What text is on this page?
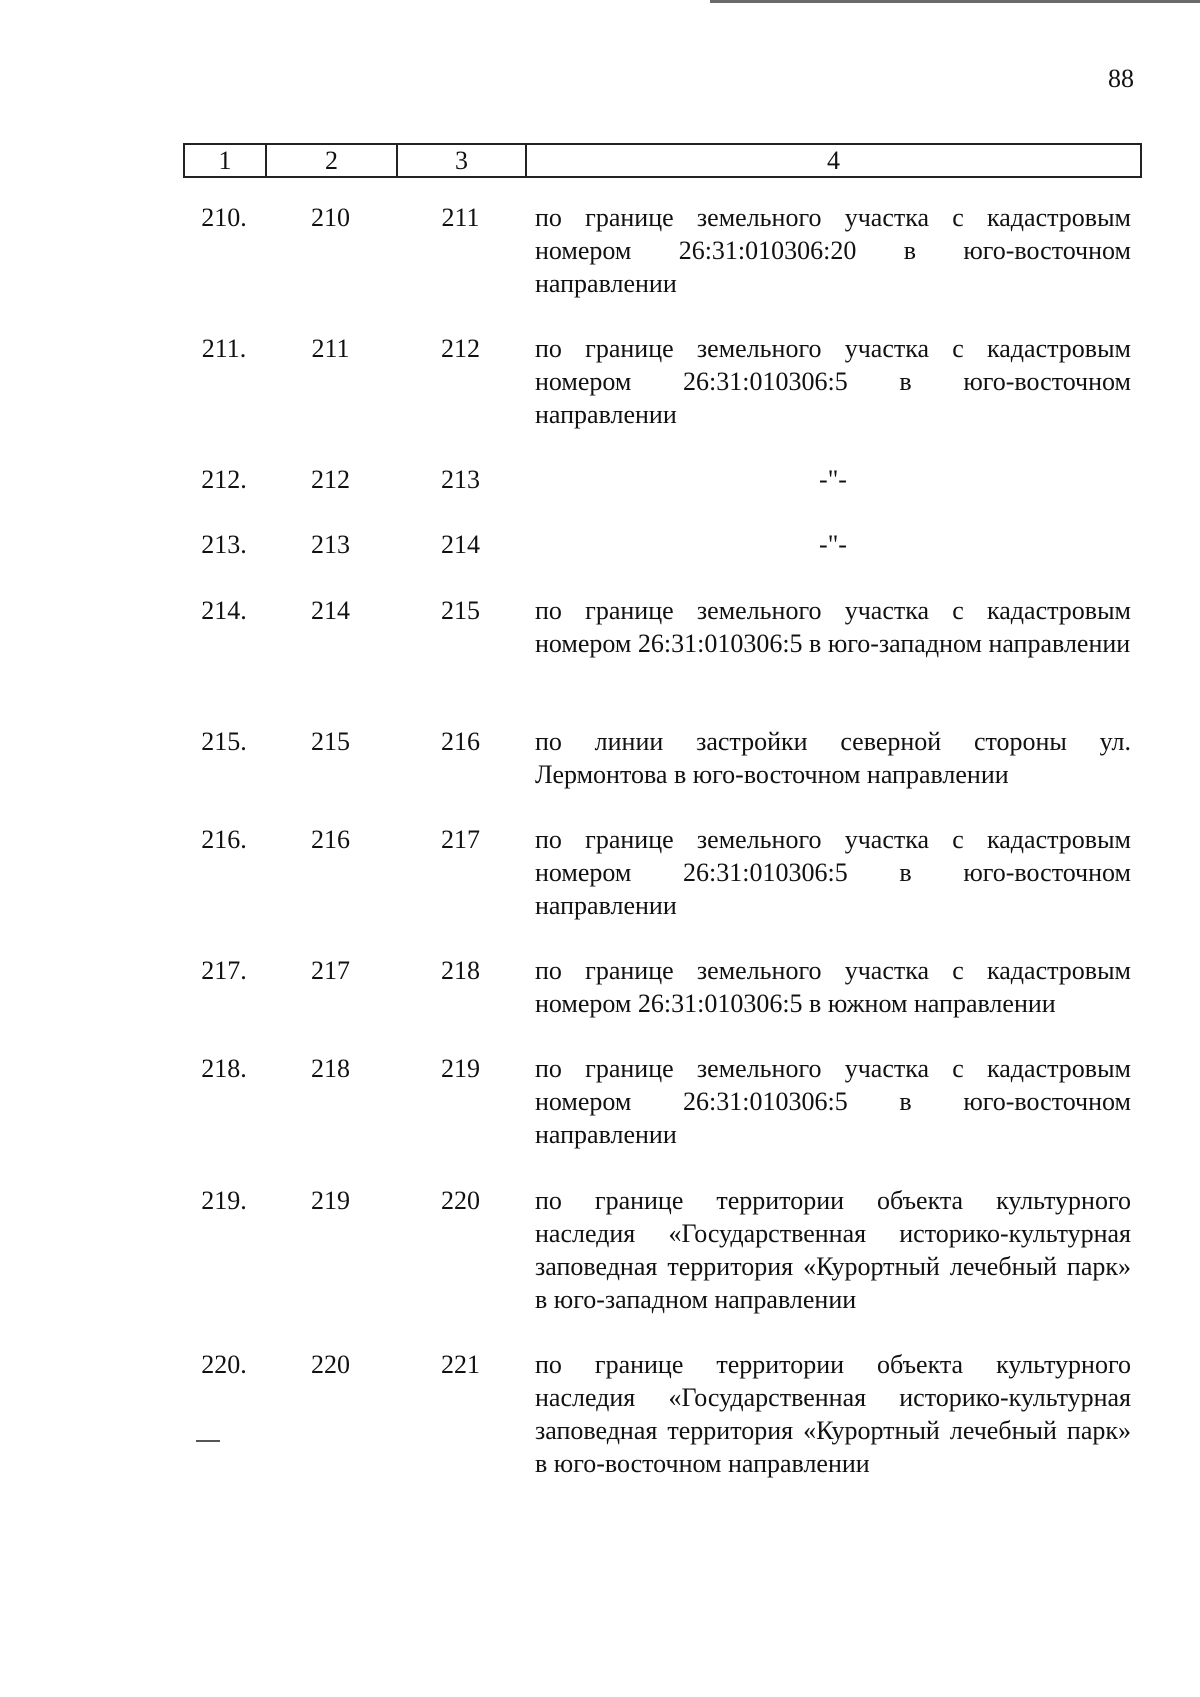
88
1	2	3	4
210.	210	211	по границе земельного участка с кадастровым номером 26:31:010306:20 в юго-восточном направлении
211.	211	212	по границе земельного участка с кадастровым номером 26:31:010306:5 в юго-восточном направлении
212.	212	213	-"-
213.	213	214	-"-
214.	214	215	по границе земельного участка с кадастровым номером 26:31:010306:5 в юго-западном направлении
215.	215	216	по линии застройки северной стороны ул. Лермонтова в юго-восточном направлении
216.	216	217	по границе земельного участка с кадастровым номером 26:31:010306:5 в юго-восточном направлении
217.	217	218	по границе земельного участка с кадастровым номером 26:31:010306:5 в южном направлении
218.	218	219	по границе земельного участка с кадастровым номером 26:31:010306:5 в юго-восточном направлении
219.	219	220	по границе территории объекта культурного наследия «Государственная историко-культурная заповедная территория «Курортный лечебный парк» в юго-западном направлении
220.	220	221	по границе территории объекта культурного наследия «Государственная историко-культурная заповедная территория «Курортный лечебный парк» в юго-восточном направлении
